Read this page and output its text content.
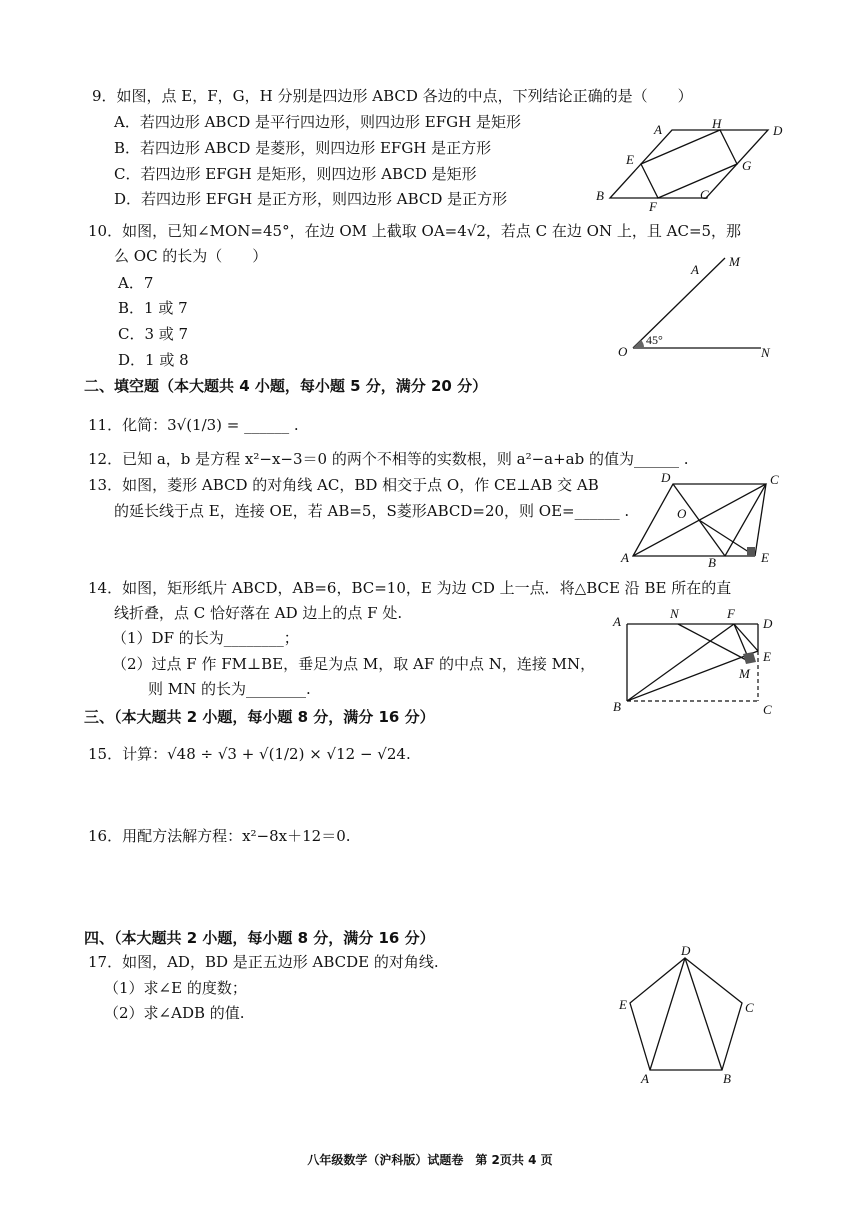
9．如图，点 E，F，G，H 分别是四边形 ABCD 各边的中点，下列结论正确的是（　　）
A．若四边形 ABCD 是平行四边形，则四边形 EFGH 是矩形
B．若四边形 ABCD 是菱形，则四边形 EFGH 是正方形
C．若四边形 EFGH 是矩形，则四边形 ABCD 是矩形
D．若四边形 EFGH 是正方形，则四边形 ABCD 是正方形
A	H	D
E	G
B
F
C
10．如图，已知∠MON=45°，在边 OM 上截取 OA=4√2，若点 C 在边 ON 上，且 AC=5，那
么 OC 的长为（　　）
A．7
B．1 或 7
C．3 或 7
D．1 或 8
A
M
O	N
45°
二、填空题（本大题共 4 小题，每小题 5 分，满分 20 分）
11．化简：3√(1/3) = ______ .
12．已知 a，b 是方程 x²−x−3＝0 的两个不相等的实数根，则 a²−a+ab 的值为______ .
13．如图，菱形 ABCD 的对角线 AC，BD 相交于点 O，作 CE⊥AB 交 AB
的延长线于点 E，连接 OE，若 AB=5，S菱形ABCD=20，则 OE=______ .
D	C
O
A	B	E
14．如图，矩形纸片 ABCD，AB=6，BC=10，E 为边 CD 上一点．将△BCE 沿 BE 所在的直
线折叠，点 C 恰好落在 AD 边上的点 F 处.
（1）DF 的长为________；
（2）过点 F 作 FM⊥BE，垂足为点 M，取 AF 的中点 N，连接 MN，
则 MN 的长为________.
A
N	F
D
E
M
B	C
三、（本大题共 2 小题，每小题 8 分，满分 16 分）
15．计算：√48 ÷ √3 + √(1/2) × √12 − √24.
16．用配方法解方程：x²−8x＋12＝0.
四、（本大题共 2 小题，每小题 8 分，满分 16 分）
17．如图，AD，BD 是正五边形 ABCDE 的对角线.
（1）求∠E 的度数；
（2）求∠ADB 的值.
D
E	C
A	B
八年级数学（沪科版）试题卷　第 2页共 4 页
